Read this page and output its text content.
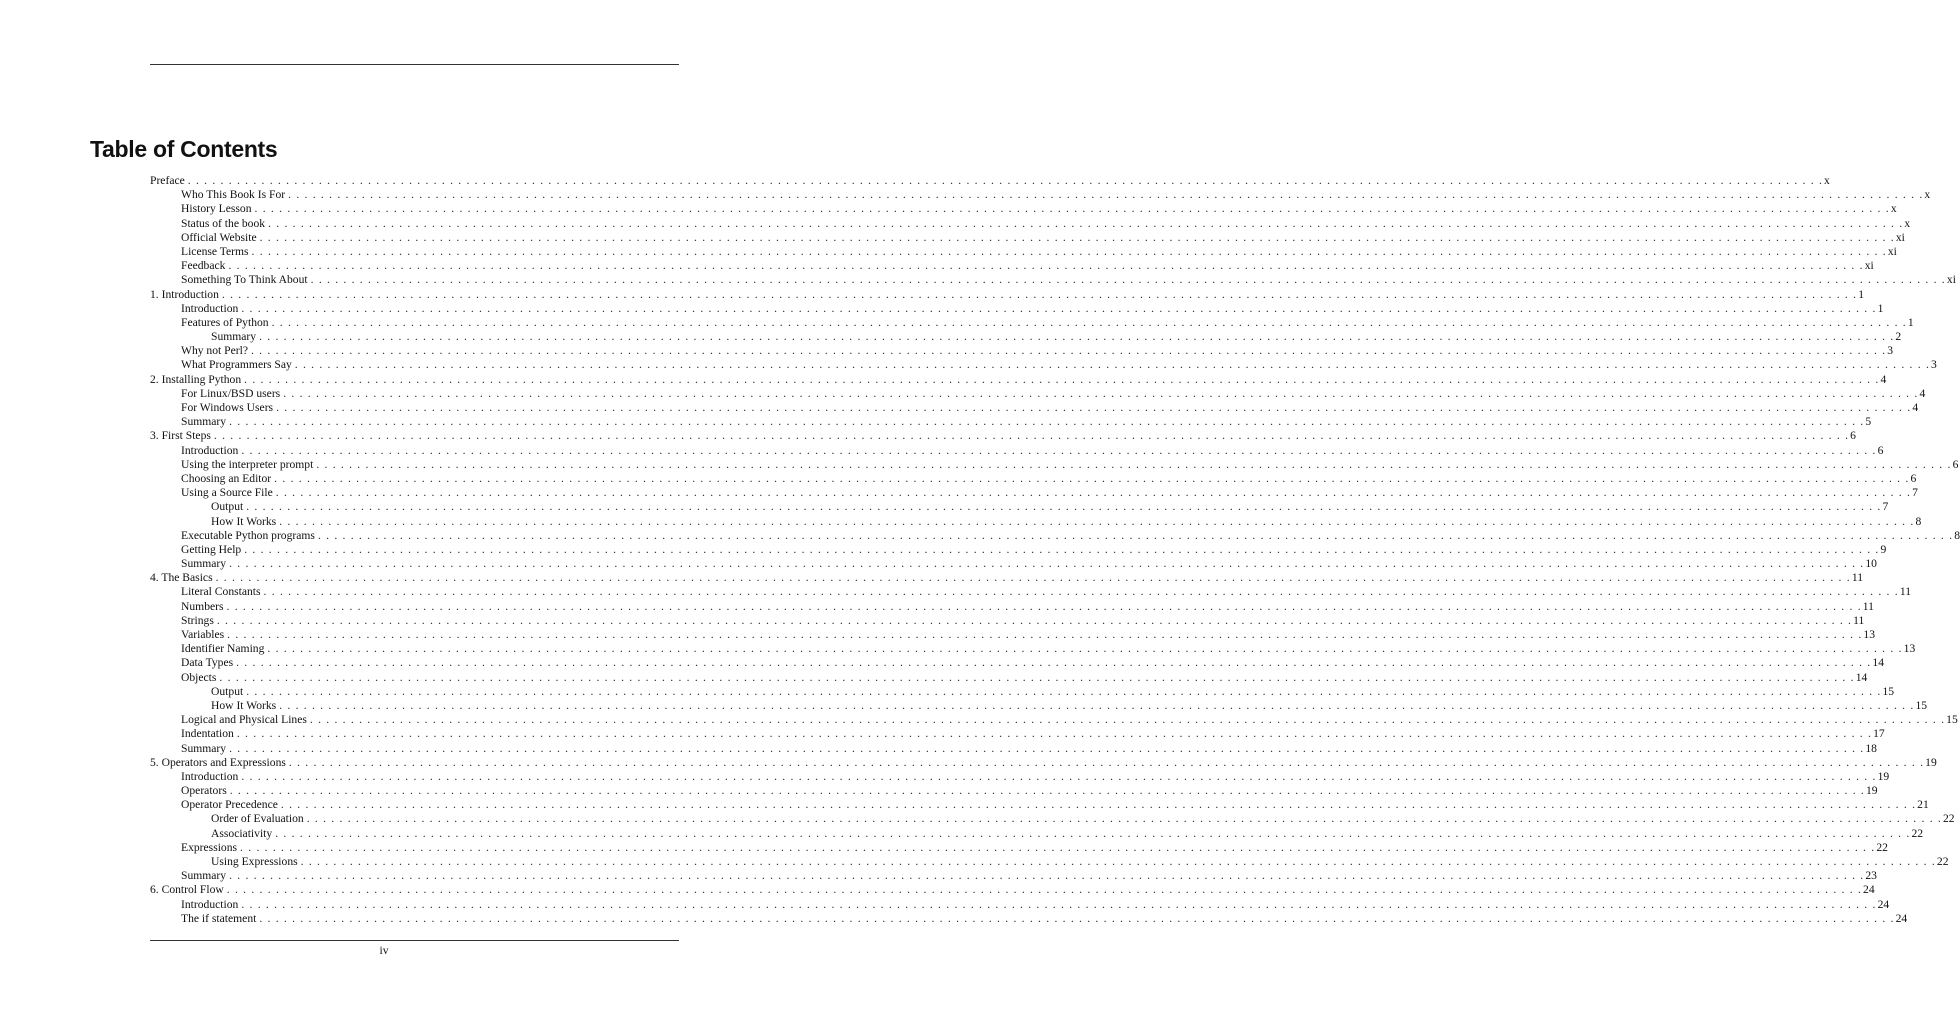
Table of Contents
Preface . . . . . . . . . . . . . . . . . . . . . . . . . . . . . . . . . . . . . . . . . . . . . . . . . . . . . . . . . . . . . . . . . . . . . . . . . . . . . . . . . . . . . . . . . . . . . . . . . . . . . . . . . . . . . . . . . . . . . . . . . . . . . . . . . . . . . . . . . . . . . . . . . . . . . . . . . . . . . . . . . . . . . . . . . . . . . . . . . . . . . . . . . . . . . . . . . . . . . . . . x
Who This Book Is For . . . . . . . . . . . . . . . . . . . . . . . . . . . . . . . . . . . . . . . . . . . . . . . . . . . . . . . . . . . . . . . . . . . . . . . . . . . . . . . . . . . . . . . . . . . . . . . . . . . . . . . . . . . . . . . . . . . . . . . . . . . . . . . . . . . . . . . . . . . . . . . . . . . . . . . . . . . . . . . . . . . . . . . . . . . . . . . . . . . . . . . . . . . . . . . . . . . . . . . . x
History Lesson . . . . . . . . . . . . . . . . . . . . . . . . . . . . . . . . . . . . . . . . . . . . . . . . . . . . . . . . . . . . . . . . . . . . . . . . . . . . . . . . . . . . . . . . . . . . . . . . . . . . . . . . . . . . . . . . . . . . . . . . . . . . . . . . . . . . . . . . . . . . . . . . . . . . . . . . . . . . . . . . . . . . . . . . . . . . . . . . . . . . . . . . . . . . . . . . . . . . . . . . x
Status of the book . . . . . . . . . . . . . . . . . . . . . . . . . . . . . . . . . . . . . . . . . . . . . . . . . . . . . . . . . . . . . . . . . . . . . . . . . . . . . . . . . . . . . . . . . . . . . . . . . . . . . . . . . . . . . . . . . . . . . . . . . . . . . . . . . . . . . . . . . . . . . . . . . . . . . . . . . . . . . . . . . . . . . . . . . . . . . . . . . . . . . . . . . . . . . . . . . . . . . . . . x
Official Website . . . . . . . . . . . . . . . . . . . . . . . . . . . . . . . . . . . . . . . . . . . . . . . . . . . . . . . . . . . . . . . . . . . . . . . . . . . . . . . . . . . . . . . . . . . . . . . . . . . . . . . . . . . . . . . . . . . . . . . . . . . . . . . . . . . . . . . . . . . . . . . . . . . . . . . . . . . . . . . . . . . . . . . . . . . . . . . . . . . . . . . . . . . . . . . . . . . . . . . . xi
License Terms . . . . . . . . . . . . . . . . . . . . . . . . . . . . . . . . . . . . . . . . . . . . . . . . . . . . . . . . . . . . . . . . . . . . . . . . . . . . . . . . . . . . . . . . . . . . . . . . . . . . . . . . . . . . . . . . . . . . . . . . . . . . . . . . . . . . . . . . . . . . . . . . . . . . . . . . . . . . . . . . . . . . . . . . . . . . . . . . . . . . . . . . . . . . . . . . . . . . . . . . xi
Feedback . . . . . . . . . . . . . . . . . . . . . . . . . . . . . . . . . . . . . . . . . . . . . . . . . . . . . . . . . . . . . . . . . . . . . . . . . . . . . . . . . . . . . . . . . . . . . . . . . . . . . . . . . . . . . . . . . . . . . . . . . . . . . . . . . . . . . . . . . . . . . . . . . . . . . . . . . . . . . . . . . . . . . . . . . . . . . . . . . . . . . . . . . . . . . . . . . . . . . . . . xi
Something To Think About . . . . . . . . . . . . . . . . . . . . . . . . . . . . . . . . . . . . . . . . . . . . . . . . . . . . . . . . . . . . . . . . . . . . . . . . . . . . . . . . . . . . . . . . . . . . . . . . . . . . . . . . . . . . . . . . . . . . . . . . . . . . . . . . . . . . . . . . . . . . . . . . . . . . . . . . . . . . . . . . . . . . . . . . . . . . . . . . . . . . . . . . . . . . . . . . . . . . . . . . xi
1. Introduction . . . . . . . . . . . . . . . . . . . . . . . . . . . . . . . . . . . . . . . . . . . . . . . . . . . . . . . . . . . . . . . . . . . . . . . . . . . . . . . . . . . . . . . . . . . . . . . . . . . . . . . . . . . . . . . . . . . . . . . . . . . . . . . . . . . . . . . . . . . . . . . . . . . . . . . . . . . . . . . . . . . . . . . . . . . . . . . . . . . . . . . . . . . . . . . . . . . . . . . . 1
Introduction . . . . . . . . . . . . . . . . . . . . . . . . . . . . . . . . . . . . . . . . . . . . . . . . . . . . . . . . . . . . . . . . . . . . . . . . . . . . . . . . . . . . . . . . . . . . . . . . . . . . . . . . . . . . . . . . . . . . . . . . . . . . . . . . . . . . . . . . . . . . . . . . . . . . . . . . . . . . . . . . . . . . . . . . . . . . . . . . . . . . . . . . . . . . . . . . . . . . . . . . 1
Features of Python . . . . . . . . . . . . . . . . . . . . . . . . . . . . . . . . . . . . . . . . . . . . . . . . . . . . . . . . . . . . . . . . . . . . . . . . . . . . . . . . . . . . . . . . . . . . . . . . . . . . . . . . . . . . . . . . . . . . . . . . . . . . . . . . . . . . . . . . . . . . . . . . . . . . . . . . . . . . . . . . . . . . . . . . . . . . . . . . . . . . . . . . . . . . . . . . . . . . . . . . 1
Summary . . . . . . . . . . . . . . . . . . . . . . . . . . . . . . . . . . . . . . . . . . . . . . . . . . . . . . . . . . . . . . . . . . . . . . . . . . . . . . . . . . . . . . . . . . . . . . . . . . . . . . . . . . . . . . . . . . . . . . . . . . . . . . . . . . . . . . . . . . . . . . . . . . . . . . . . . . . . . . . . . . . . . . . . . . . . . . . . . . . . . . . . . . . . . . . . . . . . . . . . 2
Why not Perl? . . . . . . . . . . . . . . . . . . . . . . . . . . . . . . . . . . . . . . . . . . . . . . . . . . . . . . . . . . . . . . . . . . . . . . . . . . . . . . . . . . . . . . . . . . . . . . . . . . . . . . . . . . . . . . . . . . . . . . . . . . . . . . . . . . . . . . . . . . . . . . . . . . . . . . . . . . . . . . . . . . . . . . . . . . . . . . . . . . . . . . . . . . . . . . . . . . . . . . . . 3
What Programmers Say . . . . . . . . . . . . . . . . . . . . . . . . . . . . . . . . . . . . . . . . . . . . . . . . . . . . . . . . . . . . . . . . . . . . . . . . . . . . . . . . . . . . . . . . . . . . . . . . . . . . . . . . . . . . . . . . . . . . . . . . . . . . . . . . . . . . . . . . . . . . . . . . . . . . . . . . . . . . . . . . . . . . . . . . . . . . . . . . . . . . . . . . . . . . . . . . . . . . . . . . 3
2. Installing Python . . . . . . . . . . . . . . . . . . . . . . . . . . . . . . . . . . . . . . . . . . . . . . . . . . . . . . . . . . . . . . . . . . . . . . . . . . . . . . . . . . . . . . . . . . . . . . . . . . . . . . . . . . . . . . . . . . . . . . . . . . . . . . . . . . . . . . . . . . . . . . . . . . . . . . . . . . . . . . . . . . . . . . . . . . . . . . . . . . . . . . . . . . . . . . . . . . . . . . . . 4
For Linux/BSD users . . . . . . . . . . . . . . . . . . . . . . . . . . . . . . . . . . . . . . . . . . . . . . . . . . . . . . . . . . . . . . . . . . . . . . . . . . . . . . . . . . . . . . . . . . . . . . . . . . . . . . . . . . . . . . . . . . . . . . . . . . . . . . . . . . . . . . . . . . . . . . . . . . . . . . . . . . . . . . . . . . . . . . . . . . . . . . . . . . . . . . . . . . . . . . . . . . . . . . . . 4
For Windows Users . . . . . . . . . . . . . . . . . . . . . . . . . . . . . . . . . . . . . . . . . . . . . . . . . . . . . . . . . . . . . . . . . . . . . . . . . . . . . . . . . . . . . . . . . . . . . . . . . . . . . . . . . . . . . . . . . . . . . . . . . . . . . . . . . . . . . . . . . . . . . . . . . . . . . . . . . . . . . . . . . . . . . . . . . . . . . . . . . . . . . . . . . . . . . . . . . . . . . . . . 4
Summary . . . . . . . . . . . . . . . . . . . . . . . . . . . . . . . . . . . . . . . . . . . . . . . . . . . . . . . . . . . . . . . . . . . . . . . . . . . . . . . . . . . . . . . . . . . . . . . . . . . . . . . . . . . . . . . . . . . . . . . . . . . . . . . . . . . . . . . . . . . . . . . . . . . . . . . . . . . . . . . . . . . . . . . . . . . . . . . . . . . . . . . . . . . . . . . . . . . . . . . . 5
3. First Steps . . . . . . . . . . . . . . . . . . . . . . . . . . . . . . . . . . . . . . . . . . . . . . . . . . . . . . . . . . . . . . . . . . . . . . . . . . . . . . . . . . . . . . . . . . . . . . . . . . . . . . . . . . . . . . . . . . . . . . . . . . . . . . . . . . . . . . . . . . . . . . . . . . . . . . . . . . . . . . . . . . . . . . . . . . . . . . . . . . . . . . . . . . . . . . . . . . . . . . . . 6
Introduction . . . . . . . . . . . . . . . . . . . . . . . . . . . . . . . . . . . . . . . . . . . . . . . . . . . . . . . . . . . . . . . . . . . . . . . . . . . . . . . . . . . . . . . . . . . . . . . . . . . . . . . . . . . . . . . . . . . . . . . . . . . . . . . . . . . . . . . . . . . . . . . . . . . . . . . . . . . . . . . . . . . . . . . . . . . . . . . . . . . . . . . . . . . . . . . . . . . . . . . . 6
Using the interpreter prompt . . . . . . . . . . . . . . . . . . . . . . . . . . . . . . . . . . . . . . . . . . . . . . . . . . . . . . . . . . . . . . . . . . . . . . . . . . . . . . . . . . . . . . . . . . . . . . . . . . . . . . . . . . . . . . . . . . . . . . . . . . . . . . . . . . . . . . . . . . . . . . . . . . . . . . . . . . . . . . . . . . . . . . . . . . . . . . . . . . . . . . . . . . . . . . . . . . . . . . . . 6
Choosing an Editor . . . . . . . . . . . . . . . . . . . . . . . . . . . . . . . . . . . . . . . . . . . . . . . . . . . . . . . . . . . . . . . . . . . . . . . . . . . . . . . . . . . . . . . . . . . . . . . . . . . . . . . . . . . . . . . . . . . . . . . . . . . . . . . . . . . . . . . . . . . . . . . . . . . . . . . . . . . . . . . . . . . . . . . . . . . . . . . . . . . . . . . . . . . . . . . . . . . . . . . . 6
Using a Source File . . . . . . . . . . . . . . . . . . . . . . . . . . . . . . . . . . . . . . . . . . . . . . . . . . . . . . . . . . . . . . . . . . . . . . . . . . . . . . . . . . . . . . . . . . . . . . . . . . . . . . . . . . . . . . . . . . . . . . . . . . . . . . . . . . . . . . . . . . . . . . . . . . . . . . . . . . . . . . . . . . . . . . . . . . . . . . . . . . . . . . . . . . . . . . . . . . . . . . . . 7
Output . . . . . . . . . . . . . . . . . . . . . . . . . . . . . . . . . . . . . . . . . . . . . . . . . . . . . . . . . . . . . . . . . . . . . . . . . . . . . . . . . . . . . . . . . . . . . . . . . . . . . . . . . . . . . . . . . . . . . . . . . . . . . . . . . . . . . . . . . . . . . . . . . . . . . . . . . . . . . . . . . . . . . . . . . . . . . . . . . . . . . . . . . . . . . . . . . . . . . . . . 7
How It Works . . . . . . . . . . . . . . . . . . . . . . . . . . . . . . . . . . . . . . . . . . . . . . . . . . . . . . . . . . . . . . . . . . . . . . . . . . . . . . . . . . . . . . . . . . . . . . . . . . . . . . . . . . . . . . . . . . . . . . . . . . . . . . . . . . . . . . . . . . . . . . . . . . . . . . . . . . . . . . . . . . . . . . . . . . . . . . . . . . . . . . . . . . . . . . . . . . . . . . . . 8
Executable Python programs . . . . . . . . . . . . . . . . . . . . . . . . . . . . . . . . . . . . . . . . . . . . . . . . . . . . . . . . . . . . . . . . . . . . . . . . . . . . . . . . . . . . . . . . . . . . . . . . . . . . . . . . . . . . . . . . . . . . . . . . . . . . . . . . . . . . . . . . . . . . . . . . . . . . . . . . . . . . . . . . . . . . . . . . . . . . . . . . . . . . . . . . . . . . . . . . . . . . . . . . 8
Getting Help . . . . . . . . . . . . . . . . . . . . . . . . . . . . . . . . . . . . . . . . . . . . . . . . . . . . . . . . . . . . . . . . . . . . . . . . . . . . . . . . . . . . . . . . . . . . . . . . . . . . . . . . . . . . . . . . . . . . . . . . . . . . . . . . . . . . . . . . . . . . . . . . . . . . . . . . . . . . . . . . . . . . . . . . . . . . . . . . . . . . . . . . . . . . . . . . . . . . . . . . 9
Summary . . . . . . . . . . . . . . . . . . . . . . . . . . . . . . . . . . . . . . . . . . . . . . . . . . . . . . . . . . . . . . . . . . . . . . . . . . . . . . . . . . . . . . . . . . . . . . . . . . . . . . . . . . . . . . . . . . . . . . . . . . . . . . . . . . . . . . . . . . . . . . . . . . . . . . . . . . . . . . . . . . . . . . . . . . . . . . . . . . . . . . . . . . . . . . . . . . . . . . . . 10
4. The Basics . . . . . . . . . . . . . . . . . . . . . . . . . . . . . . . . . . . . . . . . . . . . . . . . . . . . . . . . . . . . . . . . . . . . . . . . . . . . . . . . . . . . . . . . . . . . . . . . . . . . . . . . . . . . . . . . . . . . . . . . . . . . . . . . . . . . . . . . . . . . . . . . . . . . . . . . . . . . . . . . . . . . . . . . . . . . . . . . . . . . . . . . . . . . . . . . . . . . . . . . 11
Literal Constants . . . . . . . . . . . . . . . . . . . . . . . . . . . . . . . . . . . . . . . . . . . . . . . . . . . . . . . . . . . . . . . . . . . . . . . . . . . . . . . . . . . . . . . . . . . . . . . . . . . . . . . . . . . . . . . . . . . . . . . . . . . . . . . . . . . . . . . . . . . . . . . . . . . . . . . . . . . . . . . . . . . . . . . . . . . . . . . . . . . . . . . . . . . . . . . . . . . . . . . . 11
Numbers . . . . . . . . . . . . . . . . . . . . . . . . . . . . . . . . . . . . . . . . . . . . . . . . . . . . . . . . . . . . . . . . . . . . . . . . . . . . . . . . . . . . . . . . . . . . . . . . . . . . . . . . . . . . . . . . . . . . . . . . . . . . . . . . . . . . . . . . . . . . . . . . . . . . . . . . . . . . . . . . . . . . . . . . . . . . . . . . . . . . . . . . . . . . . . . . . . . . . . . . 11
Strings . . . . . . . . . . . . . . . . . . . . . . . . . . . . . . . . . . . . . . . . . . . . . . . . . . . . . . . . . . . . . . . . . . . . . . . . . . . . . . . . . . . . . . . . . . . . . . . . . . . . . . . . . . . . . . . . . . . . . . . . . . . . . . . . . . . . . . . . . . . . . . . . . . . . . . . . . . . . . . . . . . . . . . . . . . . . . . . . . . . . . . . . . . . . . . . . . . . . . . . . 11
Variables . . . . . . . . . . . . . . . . . . . . . . . . . . . . . . . . . . . . . . . . . . . . . . . . . . . . . . . . . . . . . . . . . . . . . . . . . . . . . . . . . . . . . . . . . . . . . . . . . . . . . . . . . . . . . . . . . . . . . . . . . . . . . . . . . . . . . . . . . . . . . . . . . . . . . . . . . . . . . . . . . . . . . . . . . . . . . . . . . . . . . . . . . . . . . . . . . . . . . . . . 13
Identifier Naming . . . . . . . . . . . . . . . . . . . . . . . . . . . . . . . . . . . . . . . . . . . . . . . . . . . . . . . . . . . . . . . . . . . . . . . . . . . . . . . . . . . . . . . . . . . . . . . . . . . . . . . . . . . . . . . . . . . . . . . . . . . . . . . . . . . . . . . . . . . . . . . . . . . . . . . . . . . . . . . . . . . . . . . . . . . . . . . . . . . . . . . . . . . . . . . . . . . . . . . . 13
Data Types . . . . . . . . . . . . . . . . . . . . . . . . . . . . . . . . . . . . . . . . . . . . . . . . . . . . . . . . . . . . . . . . . . . . . . . . . . . . . . . . . . . . . . . . . . . . . . . . . . . . . . . . . . . . . . . . . . . . . . . . . . . . . . . . . . . . . . . . . . . . . . . . . . . . . . . . . . . . . . . . . . . . . . . . . . . . . . . . . . . . . . . . . . . . . . . . . . . . . . . . 14
Objects . . . . . . . . . . . . . . . . . . . . . . . . . . . . . . . . . . . . . . . . . . . . . . . . . . . . . . . . . . . . . . . . . . . . . . . . . . . . . . . . . . . . . . . . . . . . . . . . . . . . . . . . . . . . . . . . . . . . . . . . . . . . . . . . . . . . . . . . . . . . . . . . . . . . . . . . . . . . . . . . . . . . . . . . . . . . . . . . . . . . . . . . . . . . . . . . . . . . . . . . 14
Output . . . . . . . . . . . . . . . . . . . . . . . . . . . . . . . . . . . . . . . . . . . . . . . . . . . . . . . . . . . . . . . . . . . . . . . . . . . . . . . . . . . . . . . . . . . . . . . . . . . . . . . . . . . . . . . . . . . . . . . . . . . . . . . . . . . . . . . . . . . . . . . . . . . . . . . . . . . . . . . . . . . . . . . . . . . . . . . . . . . . . . . . . . . . . . . . . . . . . . . . 15
How It Works . . . . . . . . . . . . . . . . . . . . . . . . . . . . . . . . . . . . . . . . . . . . . . . . . . . . . . . . . . . . . . . . . . . . . . . . . . . . . . . . . . . . . . . . . . . . . . . . . . . . . . . . . . . . . . . . . . . . . . . . . . . . . . . . . . . . . . . . . . . . . . . . . . . . . . . . . . . . . . . . . . . . . . . . . . . . . . . . . . . . . . . . . . . . . . . . . . . . . . . . 15
Logical and Physical Lines . . . . . . . . . . . . . . . . . . . . . . . . . . . . . . . . . . . . . . . . . . . . . . . . . . . . . . . . . . . . . . . . . . . . . . . . . . . . . . . . . . . . . . . . . . . . . . . . . . . . . . . . . . . . . . . . . . . . . . . . . . . . . . . . . . . . . . . . . . . . . . . . . . . . . . . . . . . . . . . . . . . . . . . . . . . . . . . . . . . . . . . . . . . . . . . . . . . . . . . . 15
Indentation . . . . . . . . . . . . . . . . . . . . . . . . . . . . . . . . . . . . . . . . . . . . . . . . . . . . . . . . . . . . . . . . . . . . . . . . . . . . . . . . . . . . . . . . . . . . . . . . . . . . . . . . . . . . . . . . . . . . . . . . . . . . . . . . . . . . . . . . . . . . . . . . . . . . . . . . . . . . . . . . . . . . . . . . . . . . . . . . . . . . . . . . . . . . . . . . . . . . . . . . 17
Summary . . . . . . . . . . . . . . . . . . . . . . . . . . . . . . . . . . . . . . . . . . . . . . . . . . . . . . . . . . . . . . . . . . . . . . . . . . . . . . . . . . . . . . . . . . . . . . . . . . . . . . . . . . . . . . . . . . . . . . . . . . . . . . . . . . . . . . . . . . . . . . . . . . . . . . . . . . . . . . . . . . . . . . . . . . . . . . . . . . . . . . . . . . . . . . . . . . . . . . . . 18
5. Operators and Expressions . . . . . . . . . . . . . . . . . . . . . . . . . . . . . . . . . . . . . . . . . . . . . . . . . . . . . . . . . . . . . . . . . . . . . . . . . . . . . . . . . . . . . . . . . . . . . . . . . . . . . . . . . . . . . . . . . . . . . . . . . . . . . . . . . . . . . . . . . . . . . . . . . . . . . . . . . . . . . . . . . . . . . . . . . . . . . . . . . . . . . . . . . . . . . . . . . . . . . . . . 19
Introduction . . . . . . . . . . . . . . . . . . . . . . . . . . . . . . . . . . . . . . . . . . . . . . . . . . . . . . . . . . . . . . . . . . . . . . . . . . . . . . . . . . . . . . . . . . . . . . . . . . . . . . . . . . . . . . . . . . . . . . . . . . . . . . . . . . . . . . . . . . . . . . . . . . . . . . . . . . . . . . . . . . . . . . . . . . . . . . . . . . . . . . . . . . . . . . . . . . . . . . . . 19
Operators . . . . . . . . . . . . . . . . . . . . . . . . . . . . . . . . . . . . . . . . . . . . . . . . . . . . . . . . . . . . . . . . . . . . . . . . . . . . . . . . . . . . . . . . . . . . . . . . . . . . . . . . . . . . . . . . . . . . . . . . . . . . . . . . . . . . . . . . . . . . . . . . . . . . . . . . . . . . . . . . . . . . . . . . . . . . . . . . . . . . . . . . . . . . . . . . . . . . . . . . 19
Operator Precedence . . . . . . . . . . . . . . . . . . . . . . . . . . . . . . . . . . . . . . . . . . . . . . . . . . . . . . . . . . . . . . . . . . . . . . . . . . . . . . . . . . . . . . . . . . . . . . . . . . . . . . . . . . . . . . . . . . . . . . . . . . . . . . . . . . . . . . . . . . . . . . . . . . . . . . . . . . . . . . . . . . . . . . . . . . . . . . . . . . . . . . . . . . . . . . . . . . . . . . . . 21
Order of Evaluation . . . . . . . . . . . . . . . . . . . . . . . . . . . . . . . . . . . . . . . . . . . . . . . . . . . . . . . . . . . . . . . . . . . . . . . . . . . . . . . . . . . . . . . . . . . . . . . . . . . . . . . . . . . . . . . . . . . . . . . . . . . . . . . . . . . . . . . . . . . . . . . . . . . . . . . . . . . . . . . . . . . . . . . . . . . . . . . . . . . . . . . . . . . . . . . . . . . . . . . . 22
Associativity . . . . . . . . . . . . . . . . . . . . . . . . . . . . . . . . . . . . . . . . . . . . . . . . . . . . . . . . . . . . . . . . . . . . . . . . . . . . . . . . . . . . . . . . . . . . . . . . . . . . . . . . . . . . . . . . . . . . . . . . . . . . . . . . . . . . . . . . . . . . . . . . . . . . . . . . . . . . . . . . . . . . . . . . . . . . . . . . . . . . . . . . . . . . . . . . . . . . . . . . 22
Expressions . . . . . . . . . . . . . . . . . . . . . . . . . . . . . . . . . . . . . . . . . . . . . . . . . . . . . . . . . . . . . . . . . . . . . . . . . . . . . . . . . . . . . . . . . . . . . . . . . . . . . . . . . . . . . . . . . . . . . . . . . . . . . . . . . . . . . . . . . . . . . . . . . . . . . . . . . . . . . . . . . . . . . . . . . . . . . . . . . . . . . . . . . . . . . . . . . . . . . . . . 22
Using Expressions . . . . . . . . . . . . . . . . . . . . . . . . . . . . . . . . . . . . . . . . . . . . . . . . . . . . . . . . . . . . . . . . . . . . . . . . . . . . . . . . . . . . . . . . . . . . . . . . . . . . . . . . . . . . . . . . . . . . . . . . . . . . . . . . . . . . . . . . . . . . . . . . . . . . . . . . . . . . . . . . . . . . . . . . . . . . . . . . . . . . . . . . . . . . . . . . . . . . . . . . 22
Summary . . . . . . . . . . . . . . . . . . . . . . . . . . . . . . . . . . . . . . . . . . . . . . . . . . . . . . . . . . . . . . . . . . . . . . . . . . . . . . . . . . . . . . . . . . . . . . . . . . . . . . . . . . . . . . . . . . . . . . . . . . . . . . . . . . . . . . . . . . . . . . . . . . . . . . . . . . . . . . . . . . . . . . . . . . . . . . . . . . . . . . . . . . . . . . . . . . . . . . . . 23
6. Control Flow . . . . . . . . . . . . . . . . . . . . . . . . . . . . . . . . . . . . . . . . . . . . . . . . . . . . . . . . . . . . . . . . . . . . . . . . . . . . . . . . . . . . . . . . . . . . . . . . . . . . . . . . . . . . . . . . . . . . . . . . . . . . . . . . . . . . . . . . . . . . . . . . . . . . . . . . . . . . . . . . . . . . . . . . . . . . . . . . . . . . . . . . . . . . . . . . . . . . . . . . 24
Introduction . . . . . . . . . . . . . . . . . . . . . . . . . . . . . . . . . . . . . . . . . . . . . . . . . . . . . . . . . . . . . . . . . . . . . . . . . . . . . . . . . . . . . . . . . . . . . . . . . . . . . . . . . . . . . . . . . . . . . . . . . . . . . . . . . . . . . . . . . . . . . . . . . . . . . . . . . . . . . . . . . . . . . . . . . . . . . . . . . . . . . . . . . . . . . . . . . . . . . . . . 24
The if statement . . . . . . . . . . . . . . . . . . . . . . . . . . . . . . . . . . . . . . . . . . . . . . . . . . . . . . . . . . . . . . . . . . . . . . . . . . . . . . . . . . . . . . . . . . . . . . . . . . . . . . . . . . . . . . . . . . . . . . . . . . . . . . . . . . . . . . . . . . . . . . . . . . . . . . . . . . . . . . . . . . . . . . . . . . . . . . . . . . . . . . . . . . . . . . . . . . . . . . . . 24
iv
